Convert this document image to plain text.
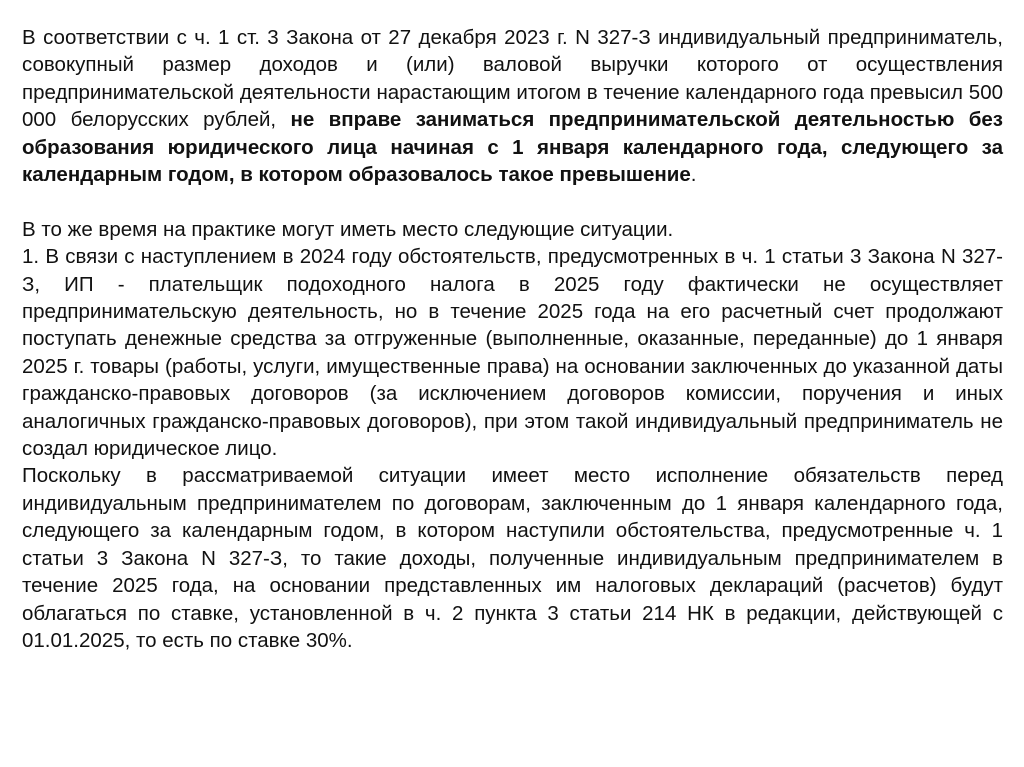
В соответствии с ч. 1 ст. 3 Закона от 27 декабря 2023 г. N 327-З индивидуальный предприниматель, совокупный размер доходов и (или) валовой выручки которого от осуществления предпринимательской деятельности нарастающим итогом в течение календарного года превысил 500 000 белорусских рублей, не вправе заниматься предпринимательской деятельностью без образования юридического лица начиная с 1 января календарного года, следующего за календарным годом, в котором образовалось такое превышение.

В то же время на практике могут иметь место следующие ситуации.

1. В связи с наступлением в 2024 году обстоятельств, предусмотренных в ч. 1 статьи 3 Закона N 327-З, ИП - плательщик подоходного налога в 2025 году фактически не осуществляет предпринимательскую деятельность, но в течение 2025 года на его расчетный счет продолжают поступать денежные средства за отгруженные (выполненные, оказанные, переданные) до 1 января 2025 г. товары (работы, услуги, имущественные права) на основании заключенных до указанной даты гражданско-правовых договоров (за исключением договоров комиссии, поручения и иных аналогичных гражданско-правовых договоров), при этом такой индивидуальный предприниматель не создал юридическое лицо.

Поскольку в рассматриваемой ситуации имеет место исполнение обязательств перед индивидуальным предпринимателем по договорам, заключенным до 1 января календарного года, следующего за календарным годом, в котором наступили обстоятельства, предусмотренные ч. 1 статьи 3 Закона N 327-З, то такие доходы, полученные индивидуальным предпринимателем в течение 2025 года, на основании представленных им налоговых деклараций (расчетов) будут облагаться по ставке, установленной в ч. 2 пункта 3 статьи 214 НК в редакции, действующей с 01.01.2025, то есть по ставке 30%.
